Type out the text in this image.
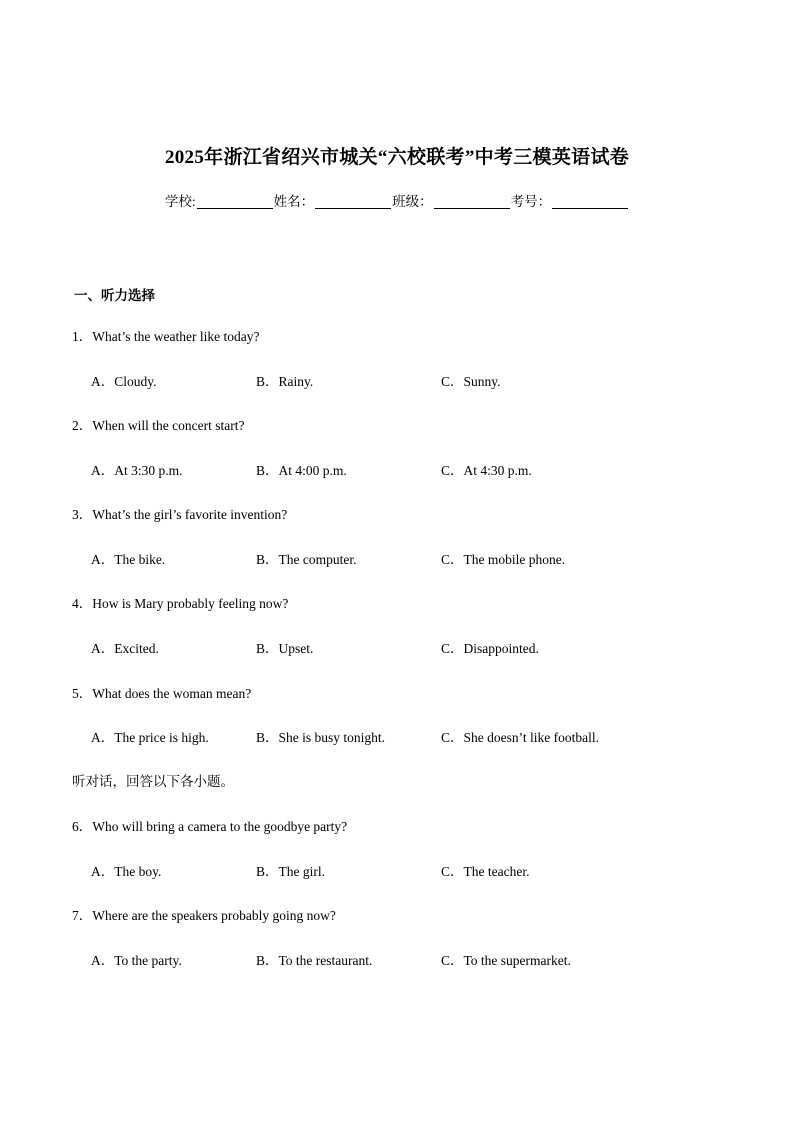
2025年浙江省绍兴市城关“六校联考”中考三模英语试卷
学校:	姓名：	班级：	考号：
一、听力选择
1．What’s the weather like today?
A．Cloudy.	B．Rainy.	C．Sunny.
2．When will the concert start?
A．At 3:30 p.m.	B．At 4:00 p.m.	C．At 4:30 p.m.
3．What’s the girl’s favorite invention?
A．The bike.	B．The computer.	C．The mobile phone.
4．How is Mary probably feeling now?
A．Excited.	B．Upset.	C．Disappointed.
5．What does the woman mean?
A．The price is high.	B．She is busy tonight.	C．She doesn’t like football.
听对话，回答以下各小题。
6．Who will bring a camera to the goodbye party?
A．The boy.	B．The girl.	C．The teacher.
7．Where are the speakers probably going now?
A．To the party.	B．To the restaurant.	C．To the supermarket.
